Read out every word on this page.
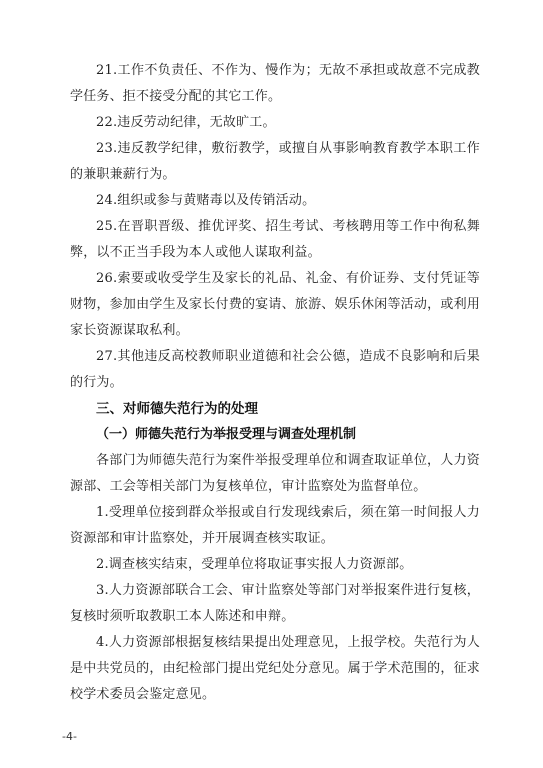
21.工作不负责任、不作为、慢作为；无故不承担或故意不完成教学任务、拒不接受分配的其它工作。

22.违反劳动纪律，无故旷工。

23.违反教学纪律，敷衍教学，或擅自从事影响教育教学本职工作的兼职兼薪行为。

24.组织或参与黄赌毒以及传销活动。

25.在晋职晋级、推优评奖、招生考试、考核聘用等工作中徇私舞弊，以不正当手段为本人或他人谋取利益。

26.索要或收受学生及家长的礼品、礼金、有价证券、支付凭证等财物，参加由学生及家长付费的宴请、旅游、娱乐休闲等活动，或利用家长资源谋取私利。

27.其他违反高校教师职业道德和社会公德，造成不良影响和后果的行为。

三、对师德失范行为的处理

（一）师德失范行为举报受理与调查处理机制

各部门为师德失范行为案件举报受理单位和调查取证单位，人力资源部、工会等相关部门为复核单位，审计监察处为监督单位。

1.受理单位接到群众举报或自行发现线索后，须在第一时间报人力资源部和审计监察处，并开展调查核实取证。

2.调查核实结束，受理单位将取证事实报人力资源部。

3.人力资源部联合工会、审计监察处等部门对举报案件进行复核，复核时须听取教职工本人陈述和申辩。

4.人力资源部根据复核结果提出处理意见，上报学校。失范行为人是中共党员的，由纪检部门提出党纪处分意见。属于学术范围的，征求校学术委员会鉴定意见。

-4-
